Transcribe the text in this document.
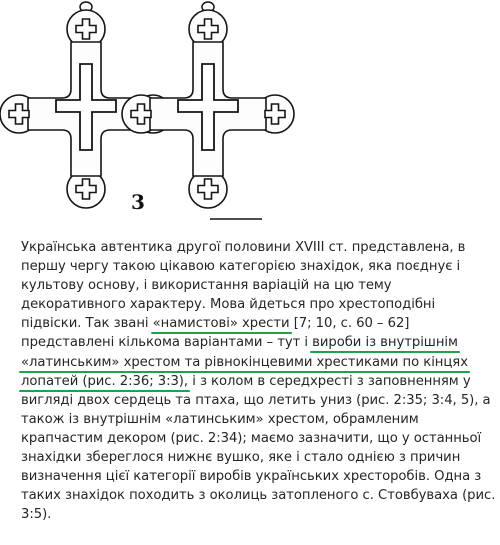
3
Українська автентика другої половини XVIII ст. представлена, в
першу чергу такою цікавою категорією знахідок, яка поєднує і
культову основу, і використання варіацій на цю тему
декоративного характеру. Мова йдеться про хрестоподібні
підвіски. Так звані «намистові» хрести [7; 10, с. 60 – 62]
представлені кількома варіантами – тут і вироби із внутрішнім
«латинським» хрестом та рівнокінцевими хрестиками по кінцях
лопатей (рис. 2:36; 3:3), і з колом в середхресті з заповненням у
вигляді двох сердець та птаха, що летить униз (рис. 2:35; 3:4, 5), а
також із внутрішнім «латинським» хрестом, обрамленим
крапчастим декором (рис. 2:34); маємо зазначити, що у останньої
знахідки збереглося нижнє вушко, яке і стало однією з причин
визначення цієї категорії виробів українських хресторобів. Одна з
таких знахідок походить з околиць затопленого с. Стовбуваха (рис.
3:5).
